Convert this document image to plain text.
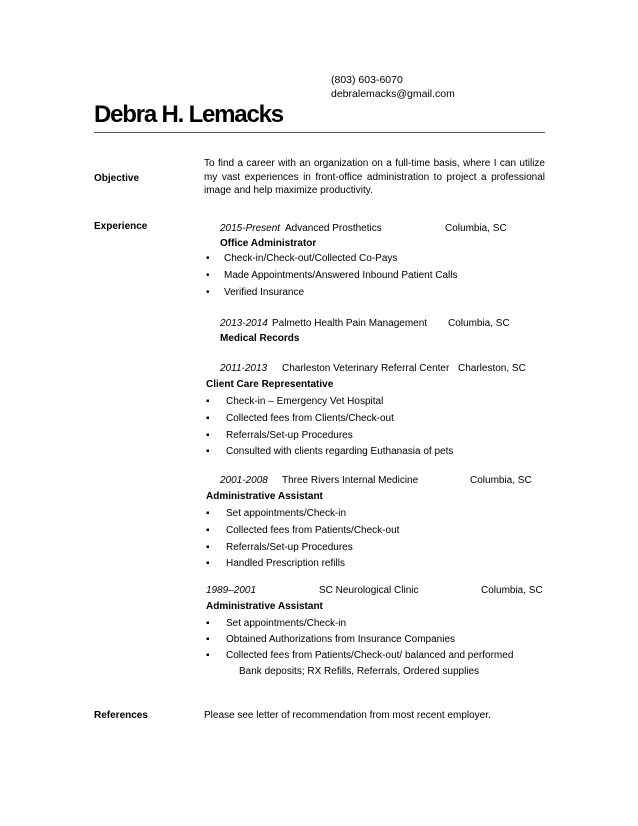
(803) 603-6070
debralemacks@gmail.com
Debra H. Lemacks
Objective
To find a career with an organization on a full-time basis, where I can utilize my vast experiences in front-office administration to project a professional image and help maximize productivity.
Experience	2015-Present Advanced Prosthetics	Columbia, SC
Office Administrator
• Check-in/Check-out/Collected Co-Pays
• Made Appointments/Answered Inbound Patient Calls
• Verified Insurance
2013-2014 Palmetto Health Pain Management Columbia, SC
Medical Records
2011-2013 Charleston Veterinary Referral Center Charleston, SC
Client Care Representative
▪ Check-in – Emergency Vet Hospital
▪ Collected fees from Clients/Check-out
▪ Referrals/Set-up Procedures
▪ Consulted with clients regarding Euthanasia of pets
2001-2008 Three Rivers Internal Medicine	Columbia, SC
Administrative Assistant
▪ Set appointments/Check-in
▪ Collected fees from Patients/Check-out
▪ Referrals/Set-up Procedures
▪ Handled Prescription refills
1989–2001	SC Neurological Clinic	Columbia, SC
Administrative Assistant
▪ Set appointments/Check-in
▪ Obtained Authorizations from Insurance Companies
▪ Collected fees from Patients/Check-out/ balanced and performed
Bank deposits; RX Refills, Referrals, Ordered supplies
References	Please see letter of recommendation from most recent employer.
